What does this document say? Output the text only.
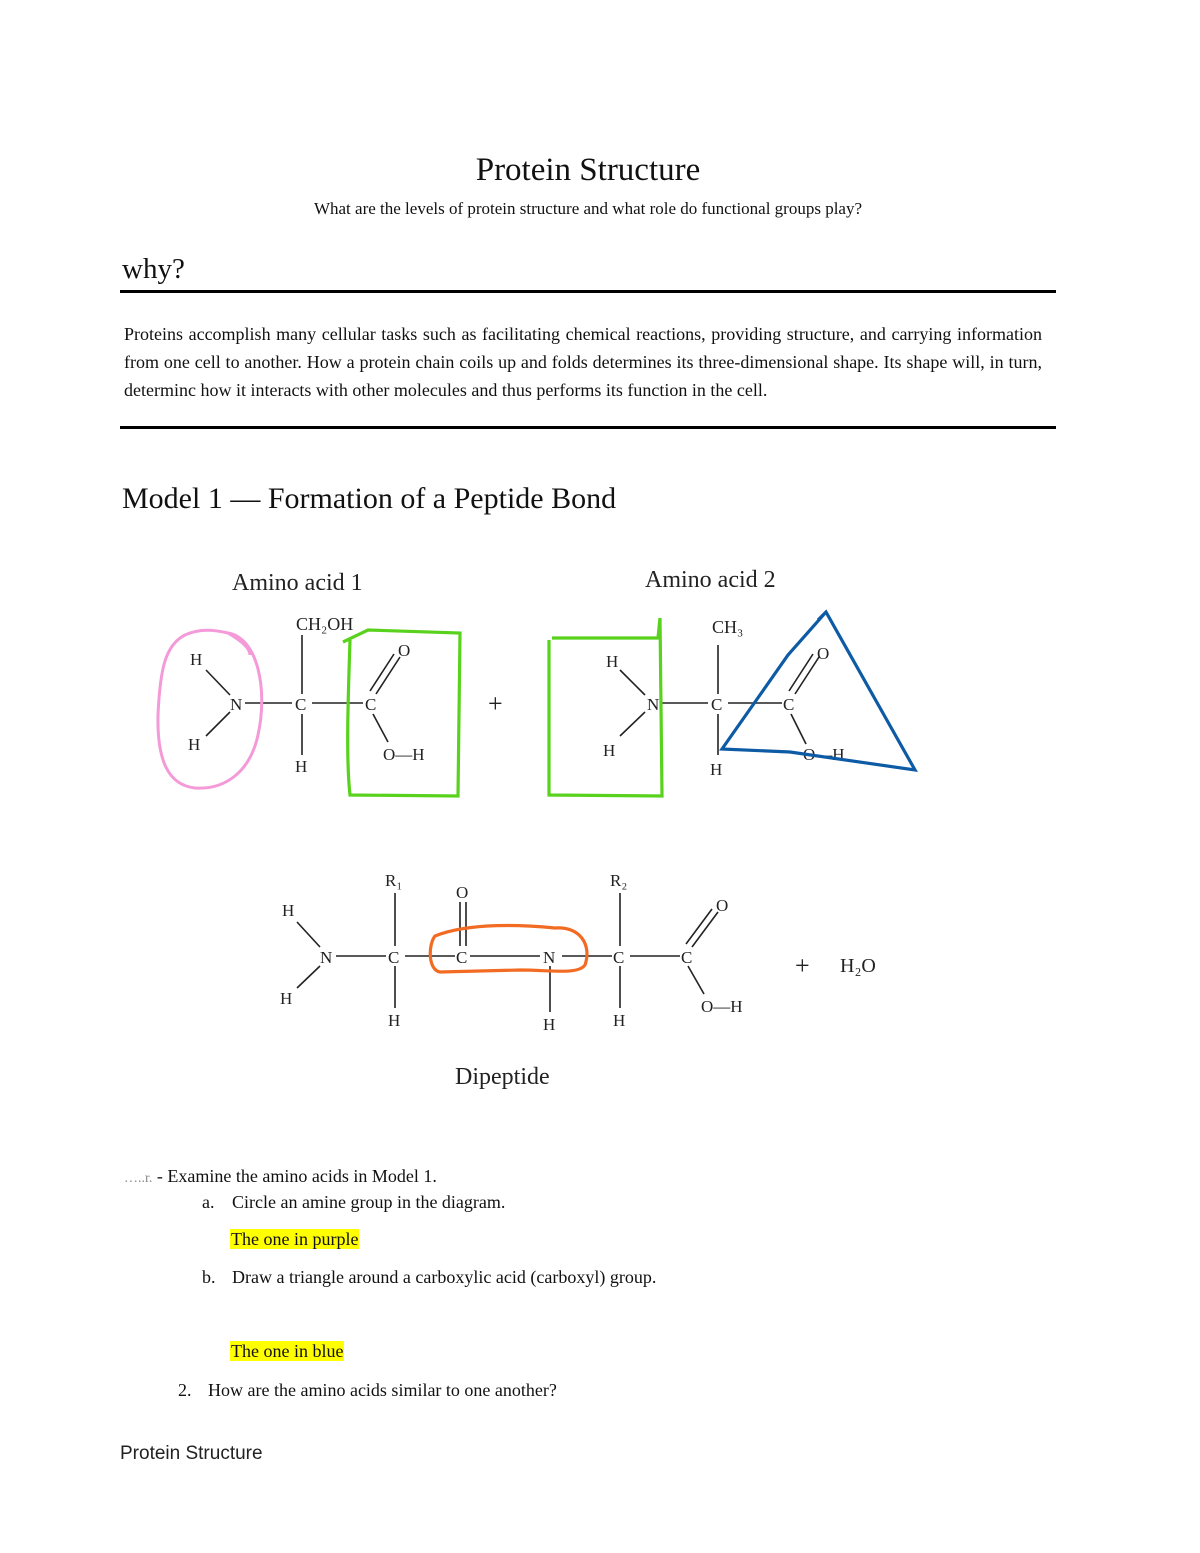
Protein Structure
What are the levels of protein structure and what role do functional groups play?
why?
Proteins accomplish many cellular tasks such as facilitating chemical reactions, providing structure, and carrying information from one cell to another. How a protein chain coils up and folds determines its three-dimensional shape. Its shape will, in turn, determinc how it interacts with other molecules and thus performs its function in the cell.
Model 1 — Formation of a Peptide Bond
Amino acid 1	Amino acid 2
Dipeptide
CH₂OH	CH₃
H
H
N	C
H
C
O
O—H
+
H
H
N	C
H
C
O
O—H
R₁	R₂
H
H
N	C
H
O
C	N
H
C
H
C
O
O—H
+ H₂O
…..r. - Examine the amino acids in Model 1.
a. Circle an amine group in the diagram.
The one in purple
b. Draw a triangle around a carboxylic acid (carboxyl) group.
The one in blue
2. How are the amino acids similar to one another?
Protein Structure
